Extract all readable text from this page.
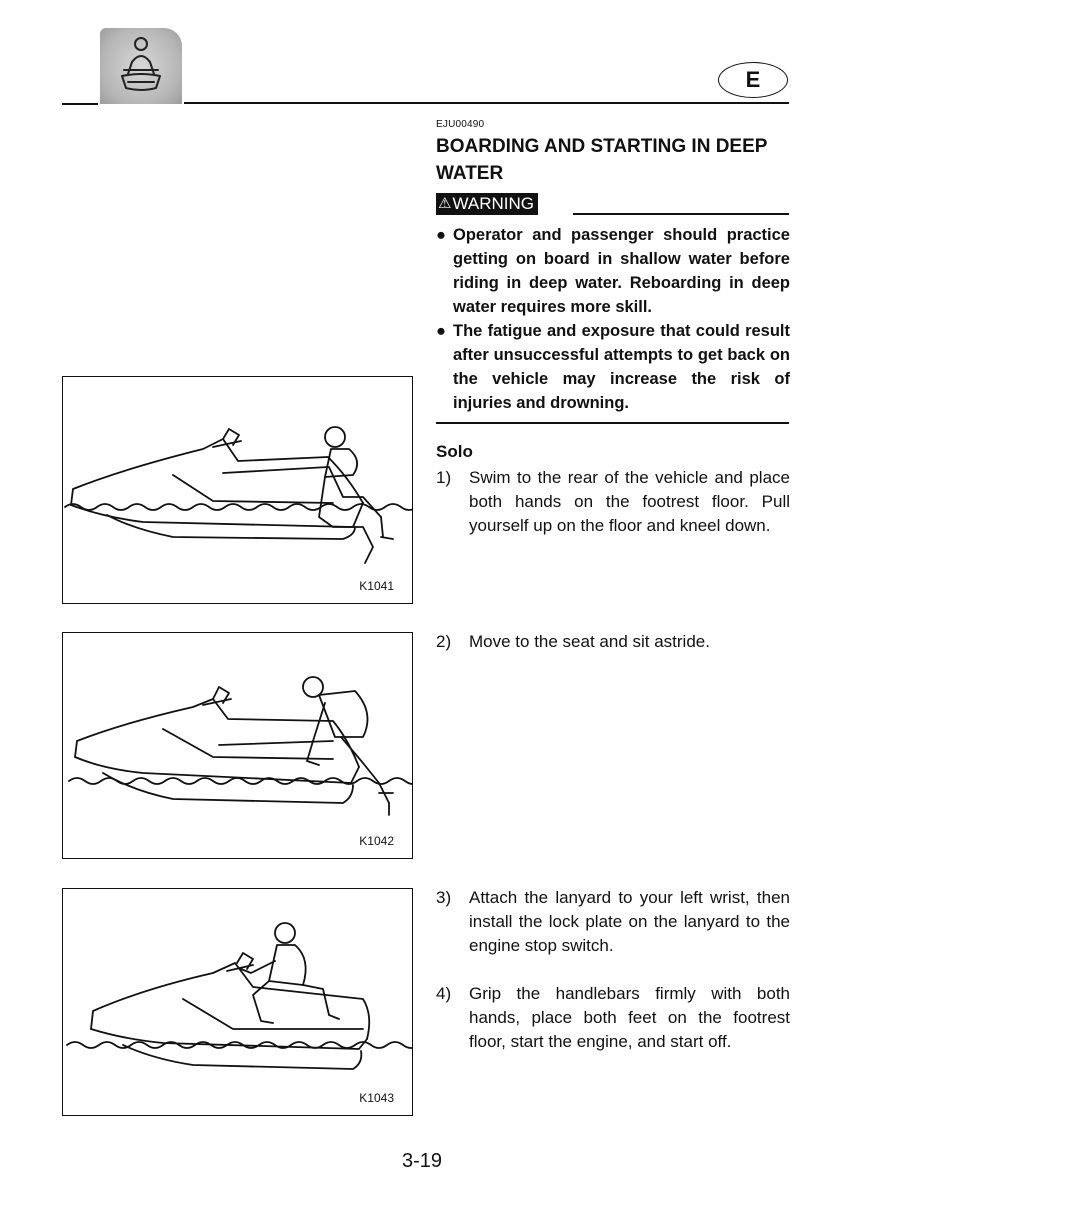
E
EJU00490
BOARDING AND STARTING IN DEEP WATER
⚠ WARNING
● Operator and passenger should practice getting on board in shallow water before riding in deep water. Reboarding in deep water requires more skill.
● The fatigue and exposure that could result after unsuccessful attempts to get back on the vehicle may increase the risk of injuries and drowning.
Solo
1)	Swim to the rear of the vehicle and place both hands on the footrest floor. Pull yourself up on the floor and kneel down.
2)	Move to the seat and sit astride.
3)	Attach the lanyard to your left wrist, then install the lock plate on the lanyard to the engine stop switch.
4)	Grip the handlebars firmly with both hands, place both feet on the footrest floor, start the engine, and start off.
K1041
K1042
K1043
3-19
